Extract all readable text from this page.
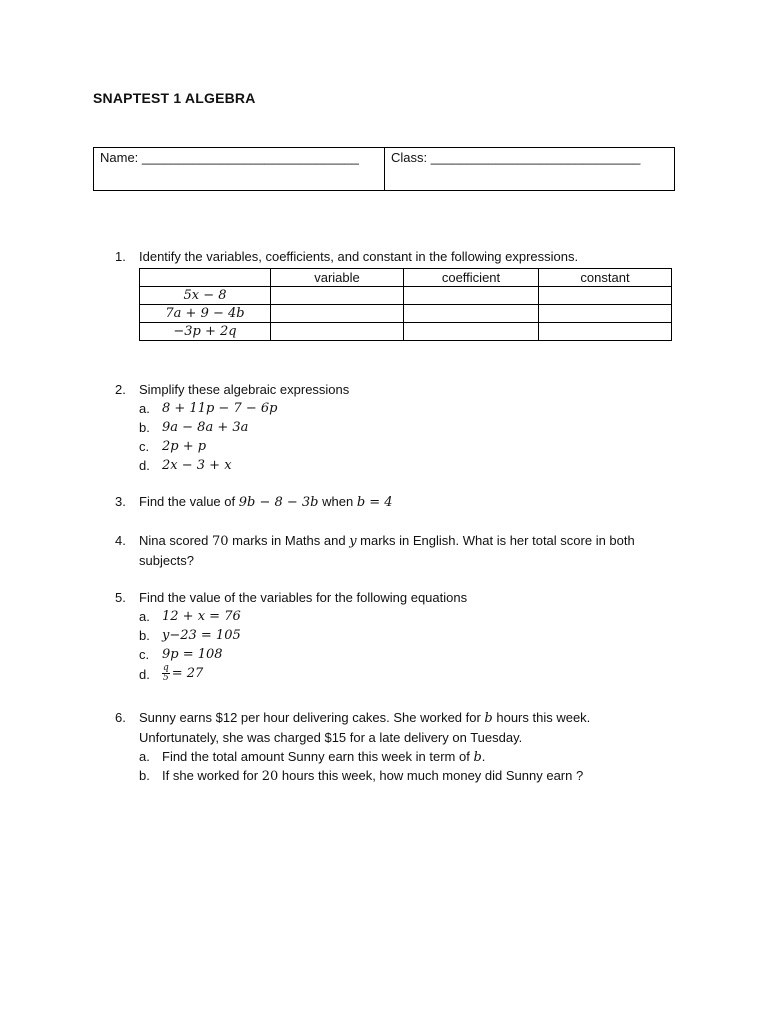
SNAPTEST 1 ALGEBRA
Name: ______________________________	Class: _____________________________
1. Identify the variables, coefficients, and constant in the following expressions.
	variable	coefficient	constant
5x − 8			
7a + 9 − 4b			
−3p + 2q			
2. Simplify these algebraic expressions
a. 8 + 11p − 7 − 6p
b. 9a − 8a + 3a
c. 2p + p
d. 2x − 3 + x
3. Find the value of 9b − 8 − 3b when b = 4
4. Nina scored 70 marks in Maths and y marks in English. What is her total score in both subjects?
5. Find the value of the variables for the following equations
a. 12 + x = 76
b. y−23 = 105
c. 9p = 108
d. $\frac{q}{5} = 27$
6. Sunny earns $12 per hour delivering cakes. She worked for b hours this week. Unfortunately, she was charged $15 for a late delivery on Tuesday.
a. Find the total amount Sunny earn this week in term of b.
b. If she worked for 20 hours this week, how much money did Sunny earn ?
